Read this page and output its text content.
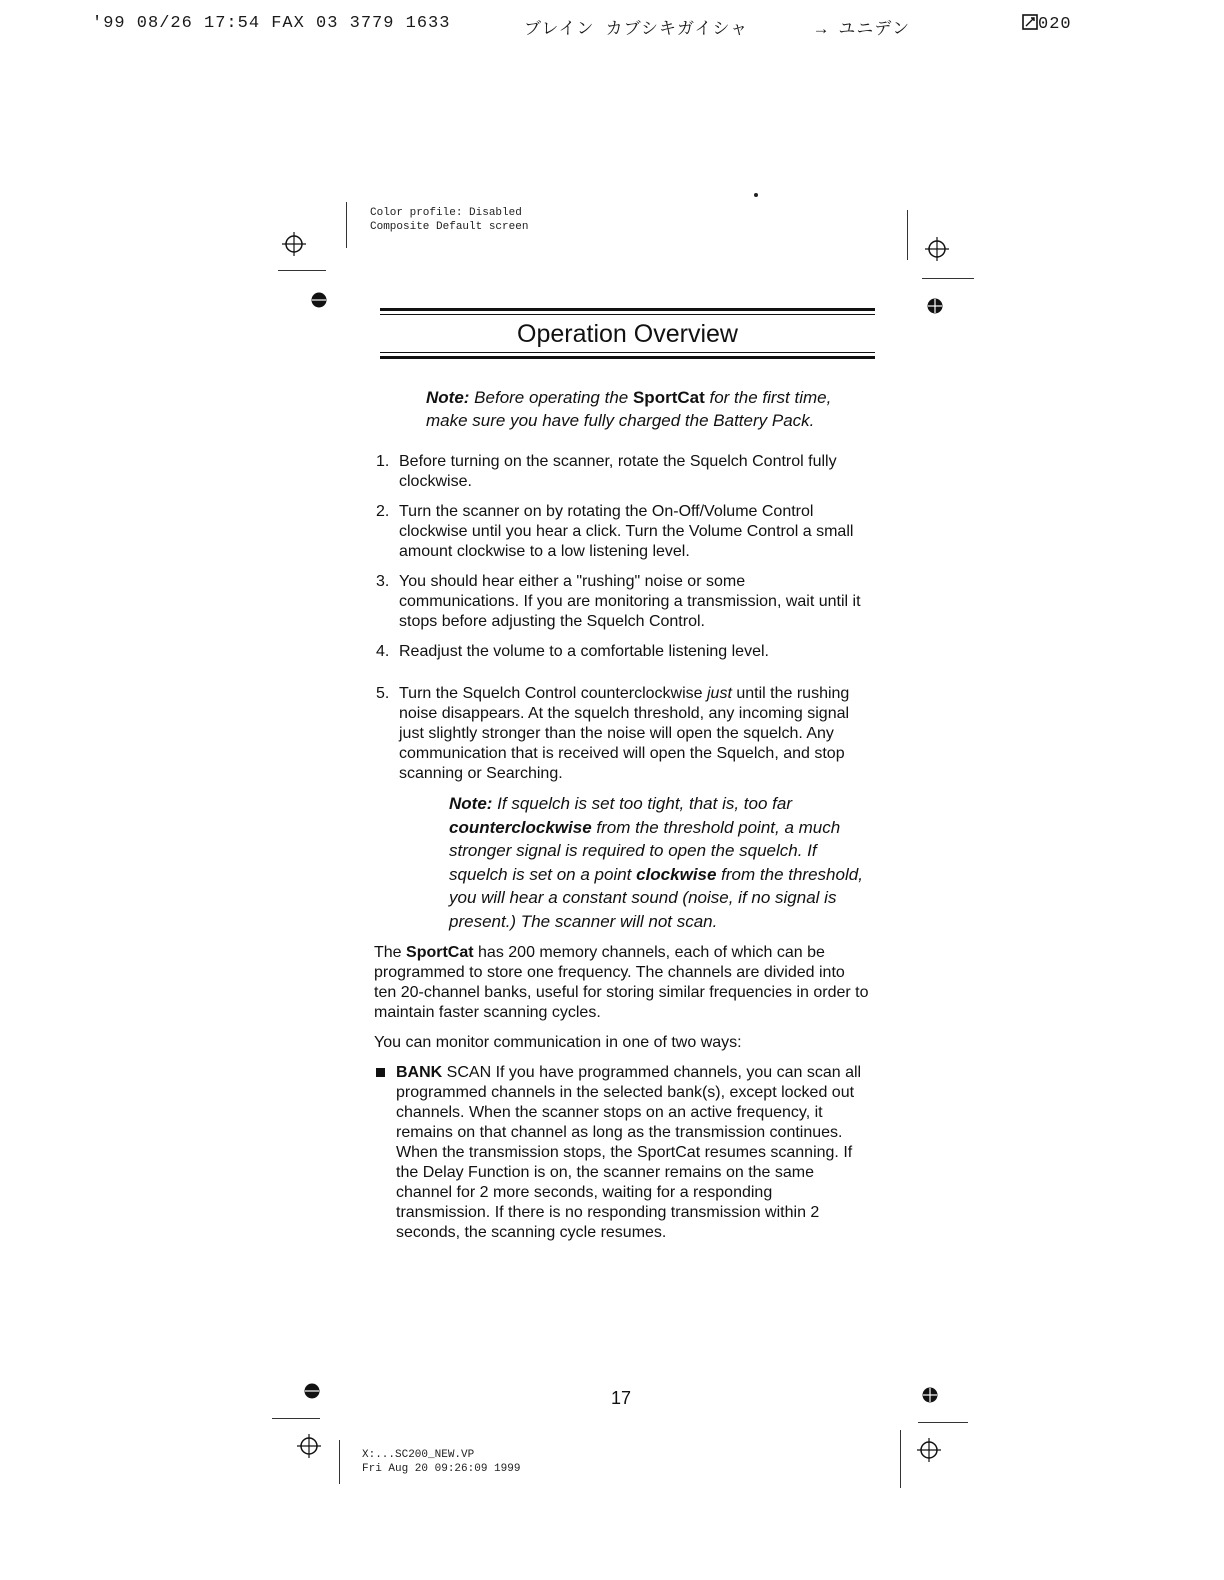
'99 08/26 17:54 FAX 03 3779 1633	ブレイン カブシキガイシャ	→ ユニデン	020
Color profile: Disabled
Composite Default screen
Operation Overview
Note: Before operating the SportCat for the first time, make sure you have fully charged the Battery Pack.
1. Before turning on the scanner, rotate the Squelch Control fully clockwise.
2. Turn the scanner on by rotating the On-Off/Volume Control clockwise until you hear a click. Turn the Volume Control a small amount clockwise to a low listening level.
3. You should hear either a "rushing" noise or some communications. If you are monitoring a transmission, wait until it stops before adjusting the Squelch Control.
4. Readjust the volume to a comfortable listening level.
5. Turn the Squelch Control counterclockwise just until the rushing noise disappears. At the squelch threshold, any incoming signal just slightly stronger than the noise will open the squelch. Any communication that is received will open the Squelch, and stop scanning or Searching.
Note: If squelch is set too tight, that is, too far counterclockwise from the threshold point, a much stronger signal is required to open the squelch. If squelch is set on a point clockwise from the threshold, you will hear a constant sound (noise, if no signal is present.) The scanner will not scan.
The SportCat has 200 memory channels, each of which can be programmed to store one frequency. The channels are divided into ten 20-channel banks, useful for storing similar frequencies in order to maintain faster scanning cycles.
You can monitor communication in one of two ways:
BANK SCAN If you have programmed channels, you can scan all programmed channels in the selected bank(s), except locked out channels. When the scanner stops on an active frequency, it remains on that channel as long as the transmission continues. When the transmission stops, the SportCat resumes scanning. If the Delay Function is on, the scanner remains on the same channel for 2 more seconds, waiting for a responding transmission. If there is no responding transmission within 2 seconds, the scanning cycle resumes.
17
X:...SC200_NEW.VP
Fri Aug 20 09:26:09 1999
